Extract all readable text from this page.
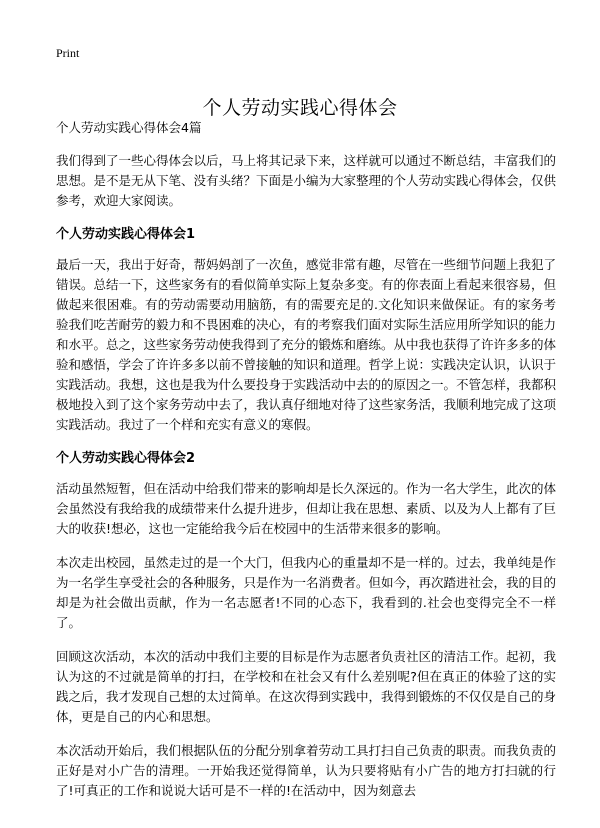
Print
个人劳动实践心得体会

个人劳动实践心得体会4篇

我们得到了一些心得体会以后，马上将其记录下来，这样就可以通过不断总结，丰富我们的思想。是不是无从下笔、没有头绪？下面是小编为大家整理的个人劳动实践心得体会，仅供参考，欢迎大家阅读。

个人劳动实践心得体会1

最后一天，我出于好奇，帮妈妈剖了一次鱼，感觉非常有趣，尽管在一些细节问题上我犯了错误。总结一下，这些家务有的看似简单实际上复杂多变。有的你表面上看起来很容易，但做起来很困难。有的劳动需要动用脑筋，有的需要充足的.文化知识来做保证。有的家务考验我们吃苦耐劳的毅力和不畏困难的决心，有的考察我们面对实际生活应用所学知识的能力和水平。总之，这些家务劳动使我得到了充分的锻炼和磨练。从中我也获得了许许多多的体验和感悟，学会了许许多多以前不曾接触的知识和道理。哲学上说：实践决定认识，认识于实践活动。我想，这也是我为什么要投身于实践活动中去的的原因之一。不管怎样，我都积极地投入到了这个家务劳动中去了，我认真仔细地对待了这些家务活，我顺利地完成了这项实践活动。我过了一个样和充实有意义的寒假。

个人劳动实践心得体会2

活动虽然短暂，但在活动中给我们带来的影响却是长久深远的。作为一名大学生，此次的体会虽然没有我给我的成绩带来什么提升进步，但却让我在思想、素质、以及为人上都有了巨大的收获!想必，这也一定能给我今后在校园中的生活带来很多的影响。

本次走出校园，虽然走过的是一个大门，但我内心的重量却不是一样的。过去，我单纯是作为一名学生享受社会的各种服务，只是作为一名消费者。但如今，再次踏进社会，我的目的却是为社会做出贡献，作为一名志愿者!不同的心态下，我看到的.社会也变得完全不一样了。

回顾这次活动，本次的活动中我们主要的目标是作为志愿者负责社区的清洁工作。起初，我认为这的不过就是简单的打扫，在学校和在社会又有什么差别呢?但在真正的体验了这的实践之后，我才发现自己想的太过简单。在这次得到实践中，我得到锻炼的不仅仅是自己的身体，更是自己的内心和思想。

本次活动开始后，我们根据队伍的分配分别拿着劳动工具打扫自己负责的职责。而我负责的正好是对小广告的清理。一开始我还觉得简单，认为只要将贴有小广告的地方打扫就的行了!可真正的工作和说说大话可是不一样的!在活动中，因为刻意去
